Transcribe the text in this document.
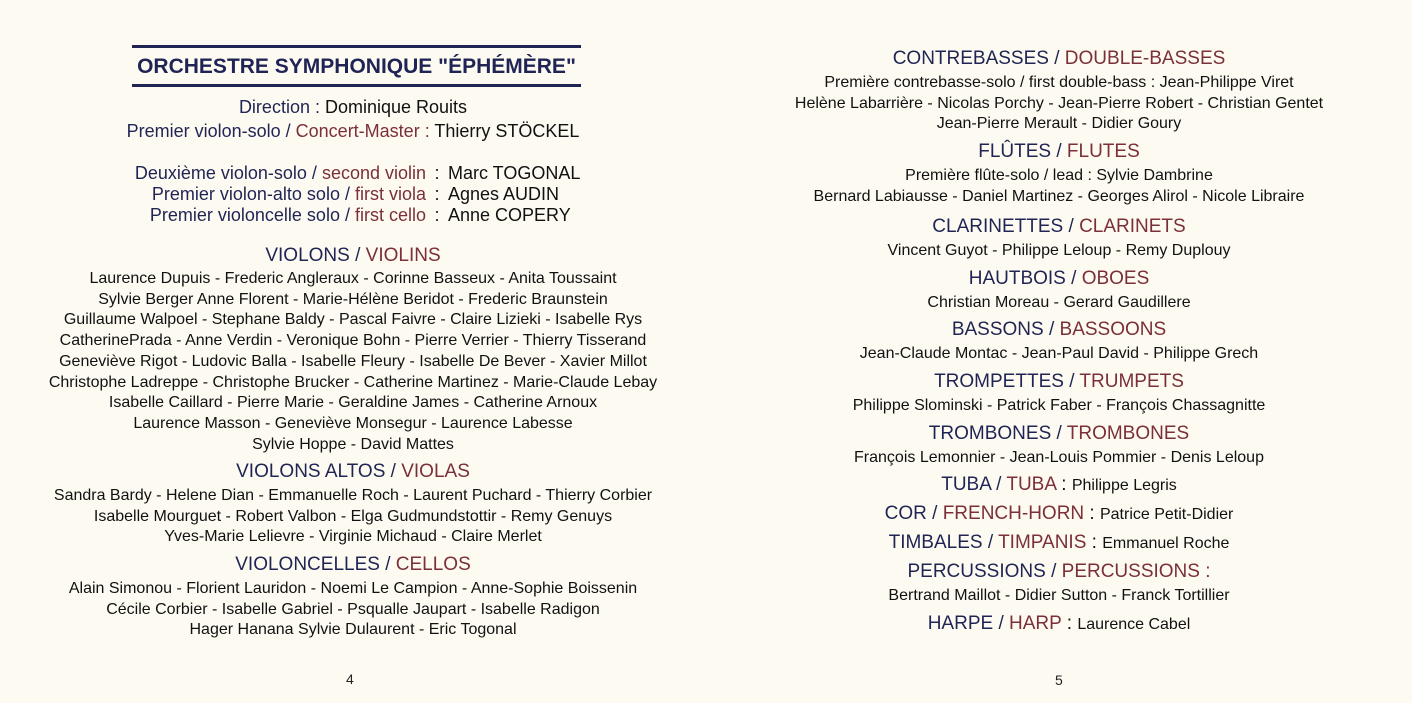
ORCHESTRE SYMPHONIQUE "ÉPHÉMÈRE"
Direction : Dominique Rouits
Premier violon-solo / Concert-Master : Thierry STÖCKEL
Deuxième violon-solo / second violin : Marc TOGONAL
Premier violon-alto solo / first viola : Agnes AUDIN
Premier violoncelle solo / first cello : Anne COPERY
VIOLONS / VIOLINS
Laurence Dupuis - Frederic Angleraux - Corinne Basseux - Anita Toussaint
Sylvie Berger Anne Florent - Marie-Hélène Beridot - Frederic Braunstein
Guillaume Walpoel - Stephane Baldy - Pascal Faivre - Claire Lizieki - Isabelle Rys
CatherinePrada - Anne Verdin - Veronique Bohn - Pierre Verrier - Thierry Tisserand
Geneviève Rigot - Ludovic Balla - Isabelle Fleury - Isabelle De Bever - Xavier Millot
Christophe Ladreppe - Christophe Brucker - Catherine Martinez - Marie-Claude Lebay
Isabelle Caillard - Pierre Marie - Geraldine James - Catherine Arnoux
Laurence Masson - Geneviève Monsegur - Laurence Labesse
Sylvie Hoppe - David Mattes
VIOLONS ALTOS / VIOLAS
Sandra Bardy - Helene Dian - Emmanuelle Roch - Laurent Puchard - Thierry Corbier
Isabelle Mourguet - Robert Valbon - Elga Gudmundstottir - Remy Genuys
Yves-Marie Lelievre - Virginie Michaud - Claire Merlet
VIOLONCELLES / CELLOS
Alain Simonou - Florient Lauridon - Noemi Le Campion - Anne-Sophie Boissenin
Cécile Corbier - Isabelle Gabriel - Psqualle Jaupart - Isabelle Radigon
Hager Hanana Sylvie Dulaurent - Eric Togonal
4
CONTREBASSES / DOUBLE-BASSES
Première contrebasse-solo / first double-bass : Jean-Philippe Viret
Helène Labarrière - Nicolas Porchy - Jean-Pierre Robert - Christian Gentet
Jean-Pierre Merault - Didier Goury
FLÛTES / FLUTES
Première flûte-solo / lead : Sylvie Dambrine
Bernard Labiausse - Daniel Martinez - Georges Alirol - Nicole Libraire
CLARINETTES / CLARINETS
Vincent Guyot - Philippe Leloup - Remy Duplouy
HAUTBOIS / OBOES
Christian Moreau - Gerard Gaudillere
BASSONS / BASSOONS
Jean-Claude Montac - Jean-Paul David - Philippe Grech
TROMPETTES / TRUMPETS
Philippe Slominski - Patrick Faber - François Chassagnitte
TROMBONES / TROMBONES
François Lemonnier - Jean-Louis Pommier - Denis Leloup
TUBA / TUBA : Philippe Legris
COR / FRENCH-HORN : Patrice Petit-Didier
TIMBALES / TIMPANIS : Emmanuel Roche
PERCUSSIONS / PERCUSSIONS :
Bertrand Maillot - Didier Sutton - Franck Tortillier
HARPE / HARP : Laurence Cabel
5
